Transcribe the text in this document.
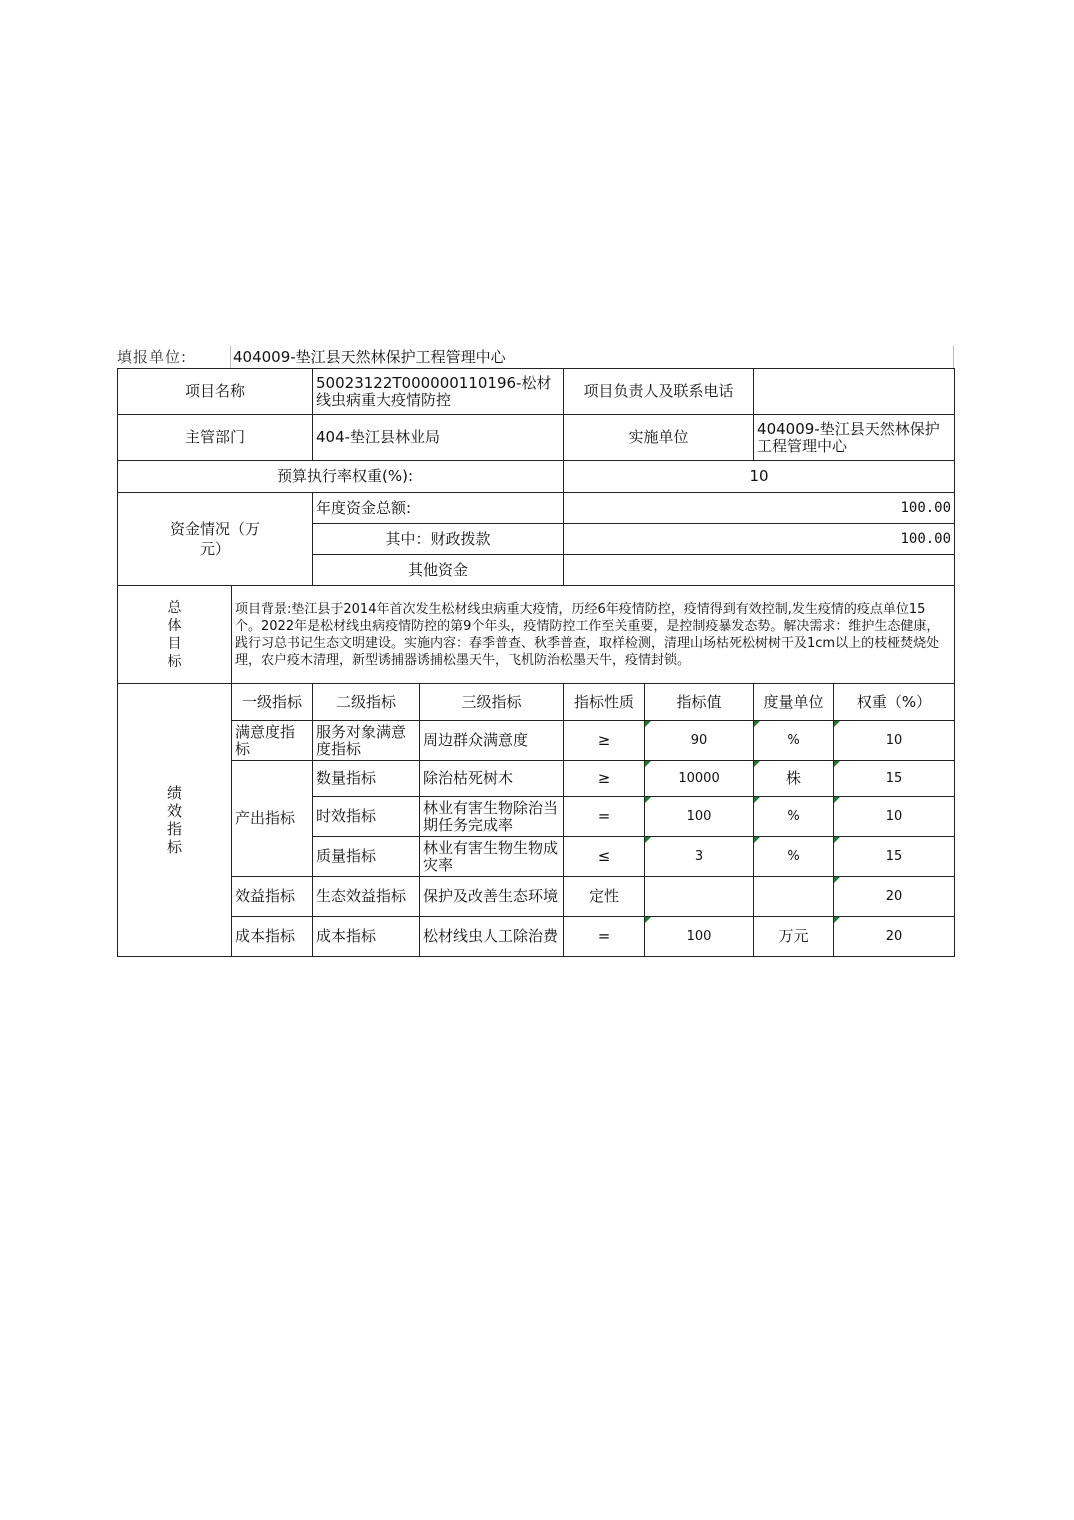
填报单位:	404009-垫江县天然林保护工程管理中心
项目名称		50023122T000000110196-松材线虫病重大疫情防控		项目负责人及联系电话			
主管部门		404-垫江县林业局		实施单位		404009-垫江县天然林保护工程管理中心	
预算执行率权重(%):				10			
资金情况（万元）		年度资金总额:		100.00			
		其中：财政拨款		100.00			
		其他资金					
总体目标	项目背景:垫江县于2014年首次发生松材线虫病重大疫情，历经6年疫情防控，疫情得到有效控制,发生疫情的疫点单位15个。2022年是松材线虫病疫情防控的第9个年头，疫情防控工作至关重要，是控制疫暴发态势。解决需求：维护生态健康，践行习总书记生态文明建设。实施内容：春季普查、秋季普查，取样检测，清理山场枯死松树树干及1cm以上的枝桠焚烧处理，农户疫木清理，新型诱捕器诱捕松墨天牛，飞机防治松墨天牛，疫情封锁。						
绩效指标	一级指标	二级指标	三级指标	指标性质	指标值	度量单位	权重（%）
	满意度指标	服务对象满意度指标	周边群众满意度	≥	90	%	10
	产出指标	数量指标	除治枯死树木	≥	10000	株	15
		时效指标	林业有害生物除治当期任务完成率	=	100	%	10
		质量指标	林业有害生物生物成灾率	≤	3	%	15
	效益指标	生态效益指标	保护及改善生态环境	定性			20
	成本指标	成本指标	松材线虫人工除治费	=	100	万元	20
